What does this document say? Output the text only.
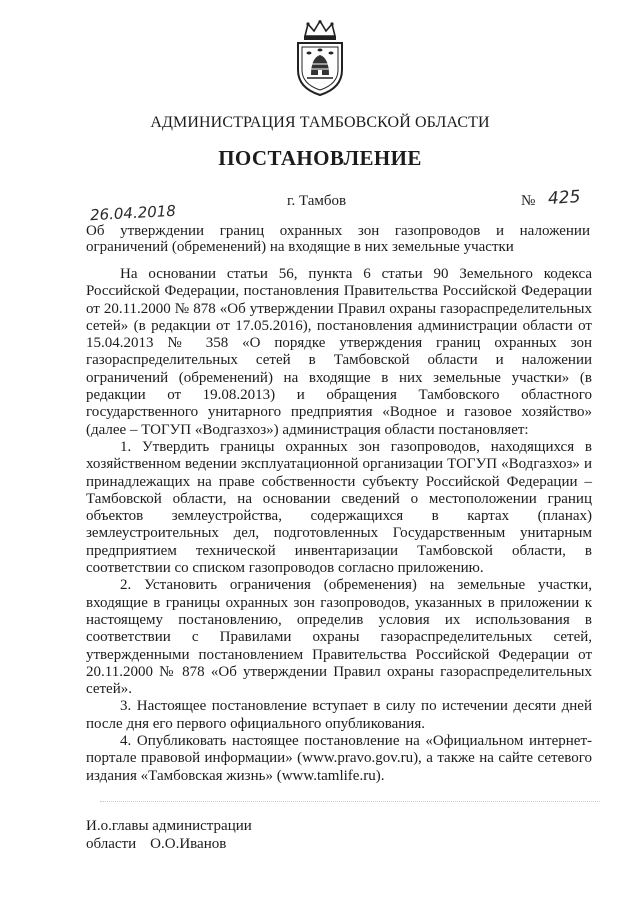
АДМИНИСТРАЦИЯ ТАМБОВСКОЙ ОБЛАСТИ
ПОСТАНОВЛЕНИЕ
26.04.2018
г. Тамбов	№ 425
Об утверждении границ охранных зон газопроводов и наложении ограничений (обременений) на входящие в них земельные участки

На основании статьи 56, пункта 6 статьи 90 Земельного кодекса Российской Федерации, постановления Правительства Российской Федерации от 20.11.2000 № 878 «Об утверждении Правил охраны газораспределительных сетей» (в редакции от 17.05.2016), постановления администрации области от 15.04.2013 № 358 «О порядке утверждения границ охранных зон газораспределительных сетей в Тамбовской области и наложении ограничений (обременений) на входящие в них земельные участки» (в редакции от 19.08.2013) и обращения Тамбовского областного государственного унитарного предприятия «Водное и газовое хозяйство» (далее – ТОГУП «Водгазхоз») администрация области постановляет:

1. Утвердить границы охранных зон газопроводов, находящихся в хозяйственном ведении эксплуатационной организации ТОГУП «Водгазхоз» и принадлежащих на праве собственности субъекту Российской Федерации – Тамбовской области, на основании сведений о местоположении границ объектов землеустройства, содержащихся в картах (планах) землеустроительных дел, подготовленных Государственным унитарным предприятием технической инвентаризации Тамбовской области, в соответствии со списком газопроводов согласно приложению.

2. Установить ограничения (обременения) на земельные участки, входящие в границы охранных зон газопроводов, указанных в приложении к настоящему постановлению, определив условия их использования в соответствии с Правилами охраны газораспределительных сетей, утвержденными постановлением Правительства Российской Федерации от 20.11.2000 № 878 «Об утверждении Правил охраны газораспределительных сетей».

3. Настоящее постановление вступает в силу по истечении десяти дней после дня его первого официального опубликования.

4. Опубликовать настоящее постановление на «Официальном интернет-портале правовой информации» (www.pravo.gov.ru), а также на сайте сетевого издания «Тамбовская жизнь» (www.tamlife.ru).

И.о.главы администрации
области О.О.Иванов
